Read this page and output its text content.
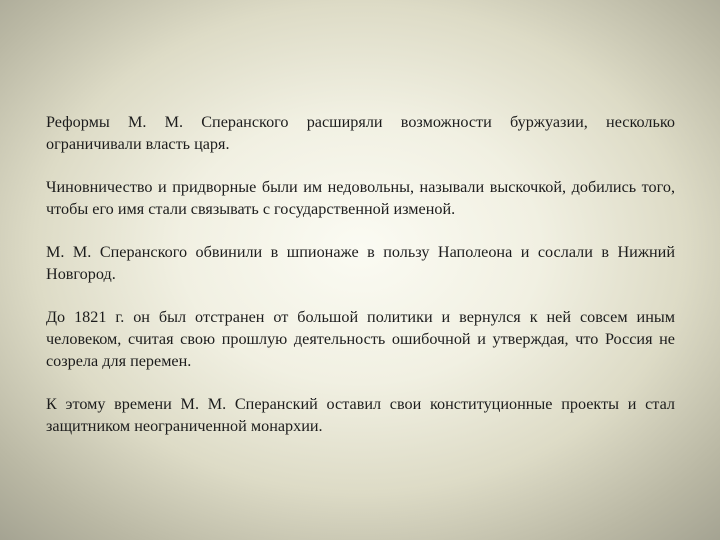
Реформы М. М. Сперанского расширяли возможности буржуазии, несколько ограничивали власть царя.

Чиновничество и придворные были им недовольны, называли выскочкой, добились того, чтобы его имя стали связывать с государственной изменой.

М. М. Сперанского обвинили в шпионаже в пользу Наполеона и сослали в Нижний Новгород.

До 1821 г. он был отстранен от большой политики и вернулся к ней совсем иным человеком, считая свою прошлую деятельность ошибочной и утверждая, что Россия не созрела для перемен.

К этому времени М. М. Сперанский оставил свои конституционные проекты и стал защитником неограниченной монархии.
